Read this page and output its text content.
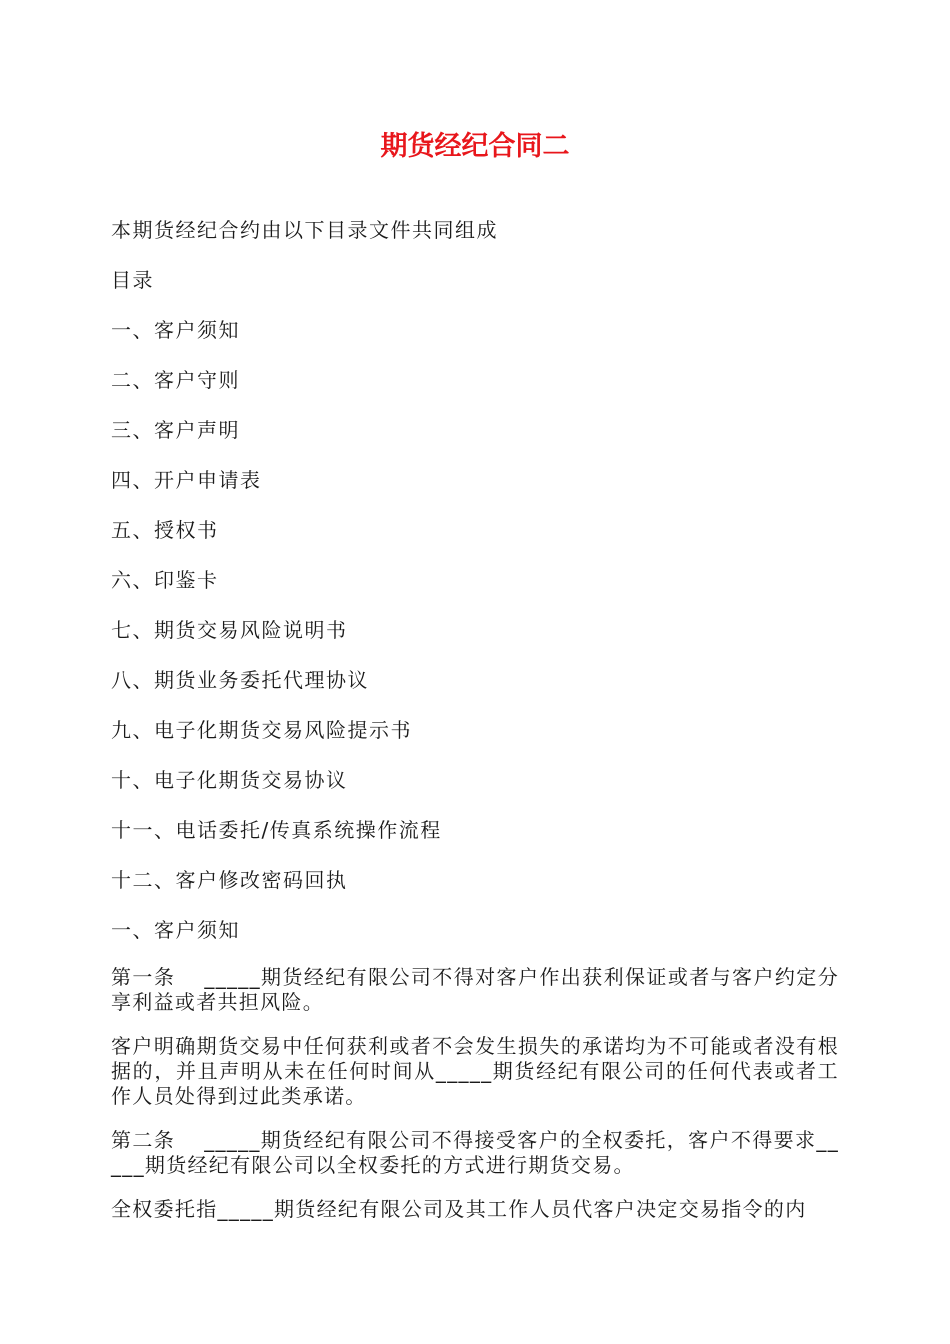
期货经纪合同二
本期货经纪合约由以下目录文件共同组成
目录
一、客户须知
二、客户守则
三、客户声明
四、开户申请表
五、授权书
六、印鉴卡
七、期货交易风险说明书
八、期货业务委托代理协议
九、电子化期货交易风险提示书
十、电子化期货交易协议
十一、电话委托/传真系统操作流程
十二、客户修改密码回执
一、客户须知
第一条　 _____期货经纪有限公司不得对客户作出获利保证或者与客户约定分享利益或者共担风险。
客户明确期货交易中任何获利或者不会发生损失的承诺均为不可能或者没有根据的，并且声明从未在任何时间从_____期货经纪有限公司的任何代表或者工作人员处得到过此类承诺。
第二条　 _____期货经纪有限公司不得接受客户的全权委托，客户不得要求_____期货经纪有限公司以全权委托的方式进行期货交易。
全权委托指_____期货经纪有限公司及其工作人员代客户决定交易指令的内
